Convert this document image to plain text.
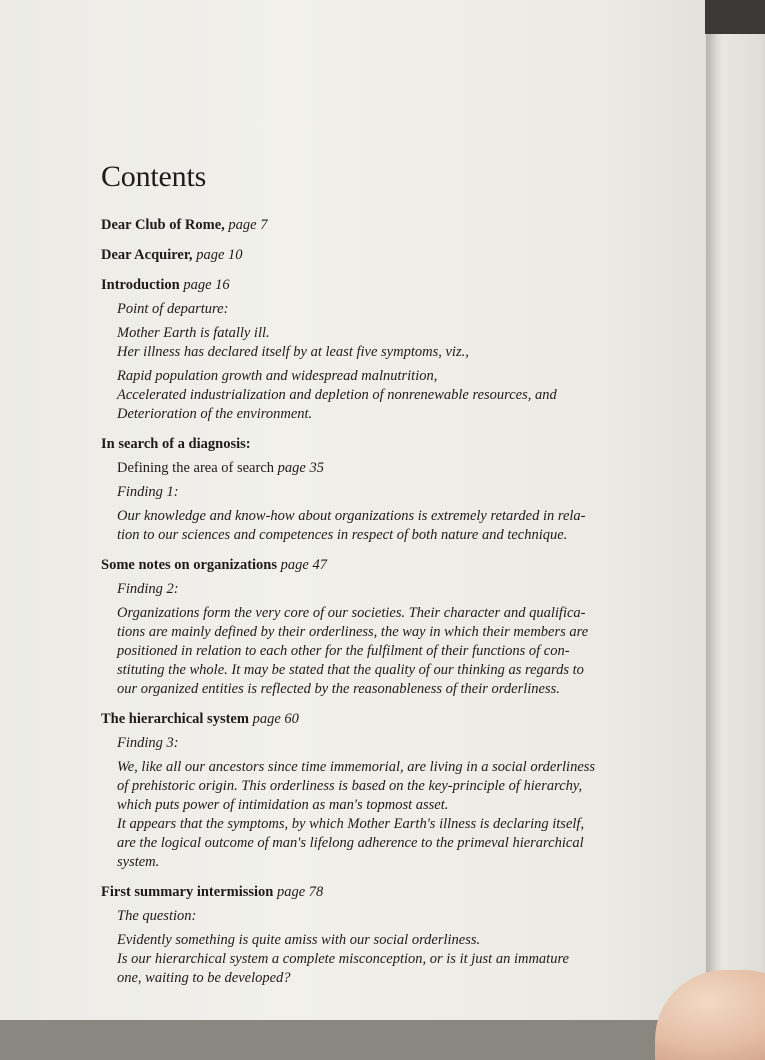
Contents
Dear Club of Rome, page 7
Dear Acquirer, page 10
Introduction page 16
Point of departure:
Mother Earth is fatally ill.
Her illness has declared itself by at least five symptoms, viz.,
Rapid population growth and widespread malnutrition,
Accelerated industrialization and depletion of nonrenewable resources, and
Deterioration of the environment.
In search of a diagnosis:
Defining the area of search page 35
Finding 1:
Our knowledge and know-how about organizations is extremely retarded in rela-
tion to our sciences and competences in respect of both nature and technique.
Some notes on organizations page 47
Finding 2:
Organizations form the very core of our societies. Their character and qualifica-
tions are mainly defined by their orderliness, the way in which their members are
positioned in relation to each other for the fulfilment of their functions of con-
stituting the whole. It may be stated that the quality of our thinking as regards to
our organized entities is reflected by the reasonableness of their orderliness.
The hierarchical system page 60
Finding 3:
We, like all our ancestors since time immemorial, are living in a social orderliness
of prehistoric origin. This orderliness is based on the key-principle of hierarchy,
which puts power of intimidation as man's topmost asset.
It appears that the symptoms, by which Mother Earth's illness is declaring itself,
are the logical outcome of man's lifelong adherence to the primeval hierarchical
system.
First summary intermission page 78
The question:
Evidently something is quite amiss with our social orderliness.
Is our hierarchical system a complete misconception, or is it just an immature
one, waiting to be developed?
